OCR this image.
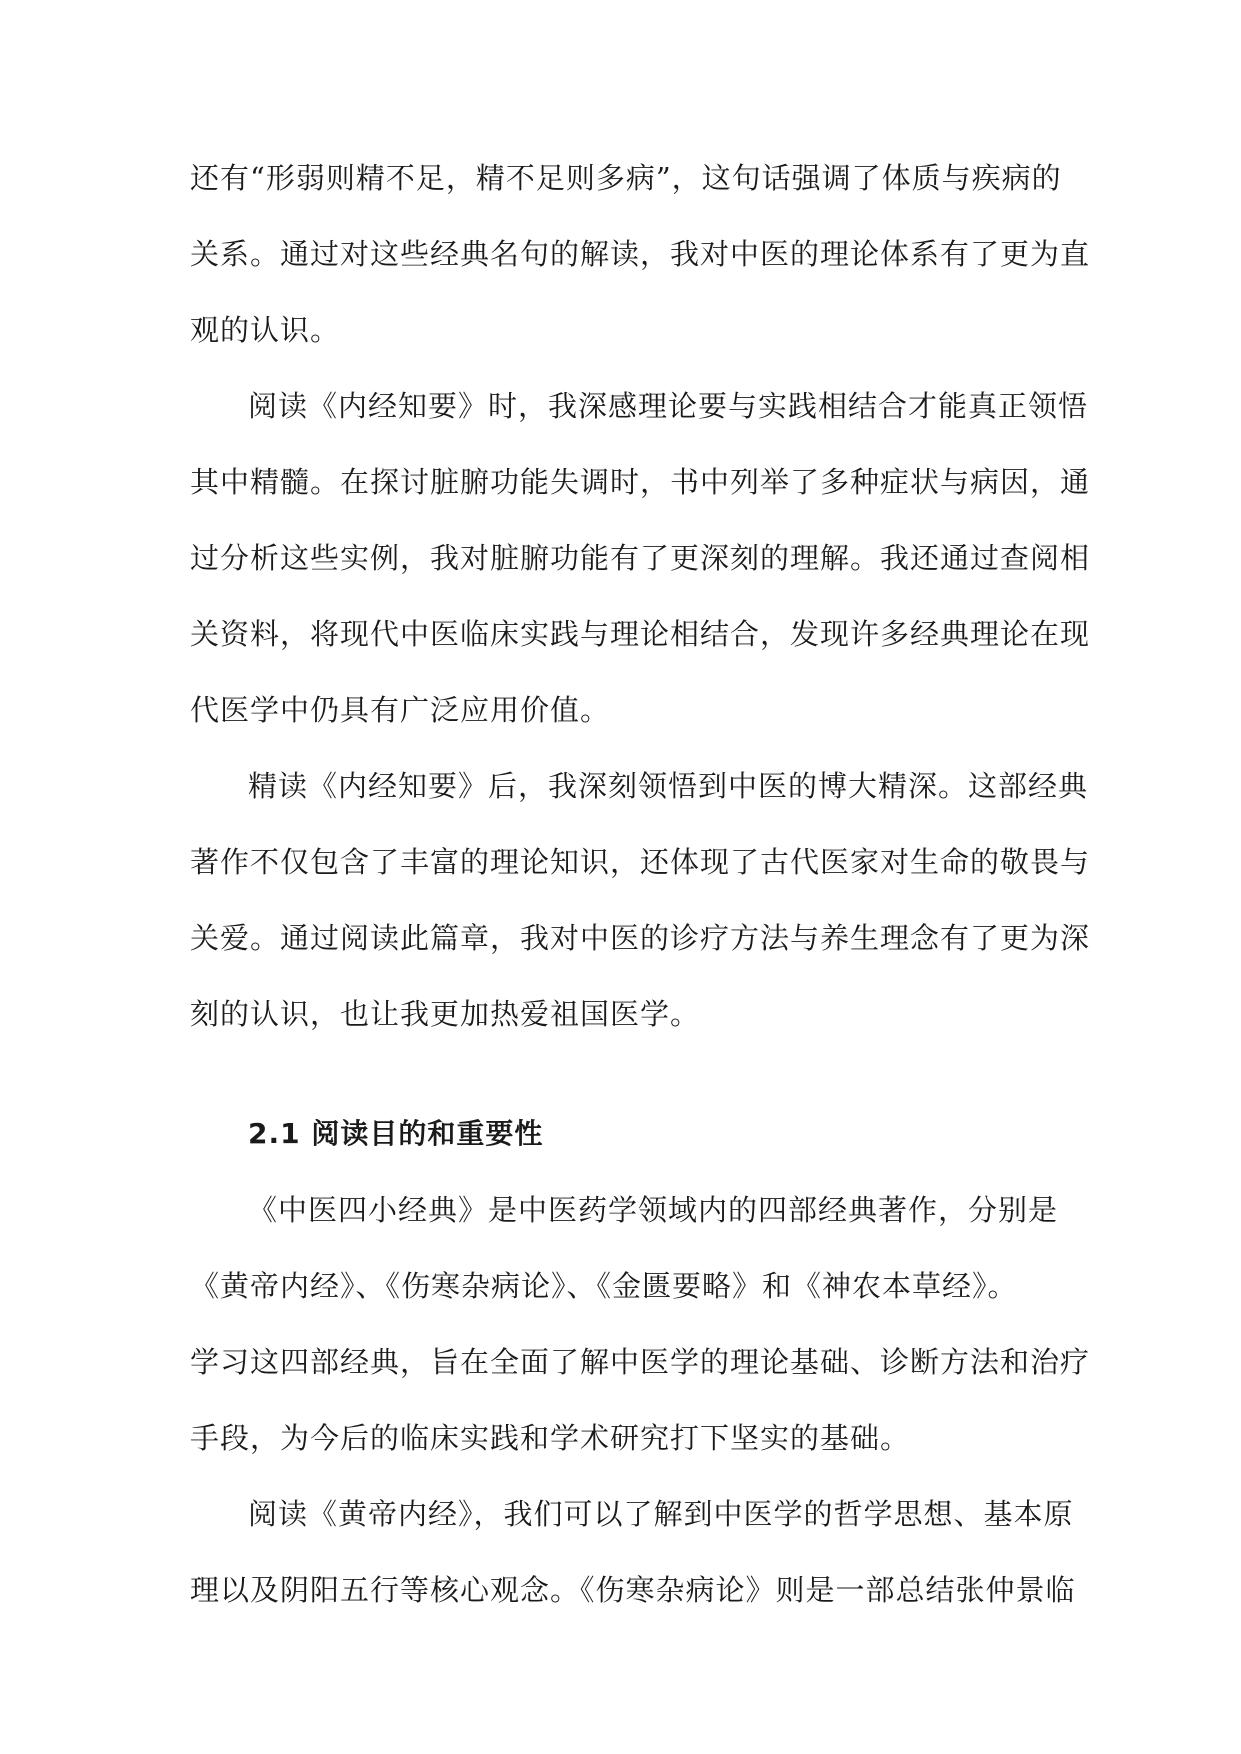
还有“形弱则精不足，精不足则多病”，这句话强调了体质与疾病的
关系。通过对这些经典名句的解读，我对中医的理论体系有了更为直
观的认识。
阅读《内经知要》时，我深感理论要与实践相结合才能真正领悟
其中精髓。在探讨脏腑功能失调时，书中列举了多种症状与病因，通
过分析这些实例，我对脏腑功能有了更深刻的理解。我还通过查阅相
关资料，将现代中医临床实践与理论相结合，发现许多经典理论在现
代医学中仍具有广泛应用价值。
精读《内经知要》后，我深刻领悟到中医的博大精深。这部经典
著作不仅包含了丰富的理论知识，还体现了古代医家对生命的敬畏与
关爱。通过阅读此篇章，我对中医的诊疗方法与养生理念有了更为深
刻的认识，也让我更加热爱祖国医学。
2.1 阅读目的和重要性
《中医四小经典》是中医药学领域内的四部经典著作，分别是
《黄帝内经》、《伤寒杂病论》、《金匮要略》和《神农本草经》。
学习这四部经典，旨在全面了解中医学的理论基础、诊断方法和治疗
手段，为今后的临床实践和学术研究打下坚实的基础。
阅读《黄帝内经》，我们可以了解到中医学的哲学思想、基本原
理以及阴阳五行等核心观念。《伤寒杂病论》则是一部总结张仲景临
